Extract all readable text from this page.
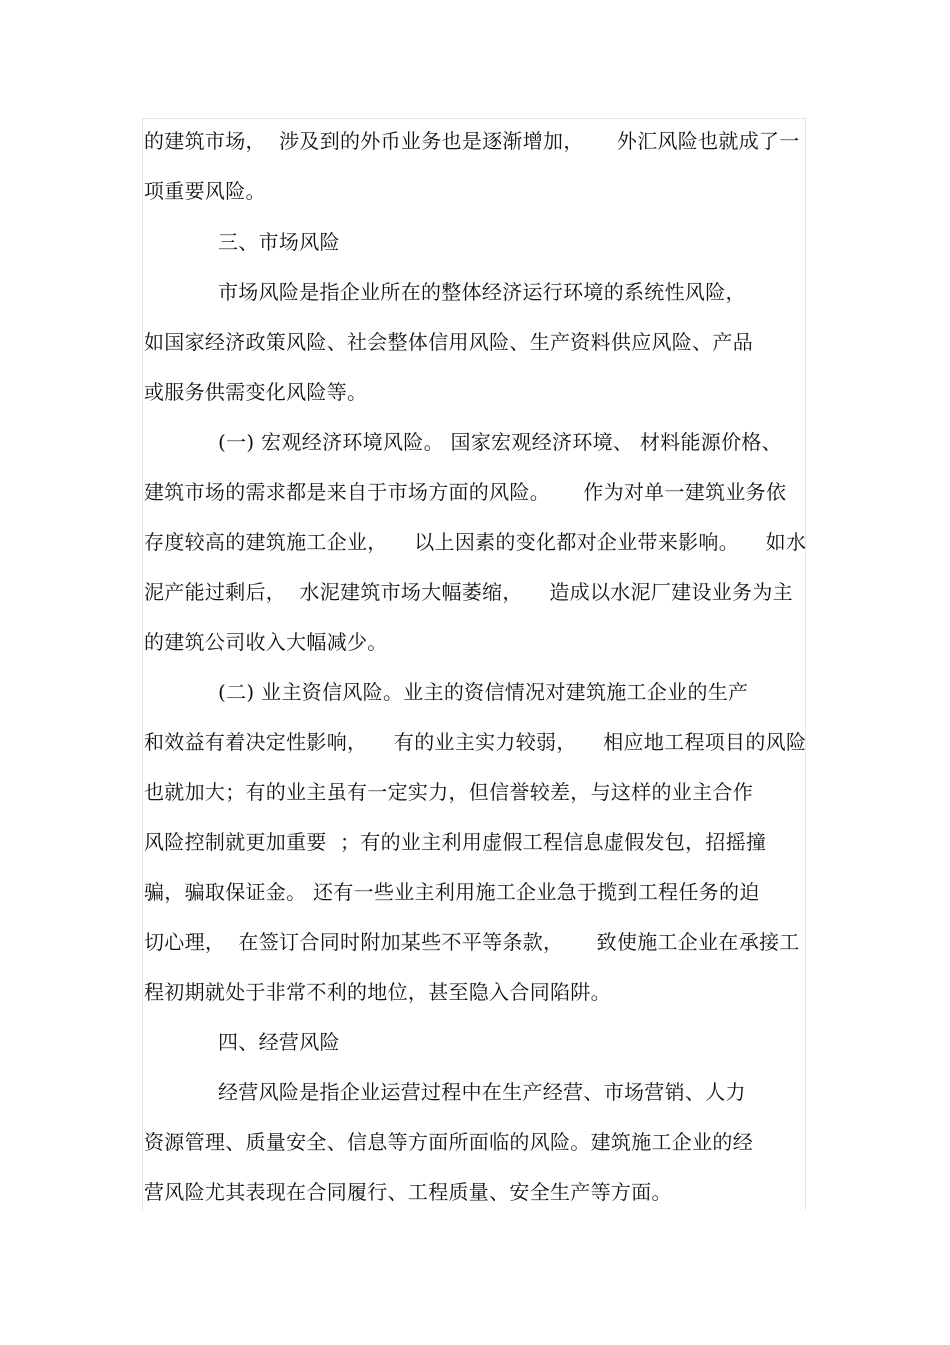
的建筑市场，  涉及到的外币业务也是逐渐增加，     外汇风险也就成了一
项重要风险。
三、市场风险
市场风险是指企业所在的整体经济运行环境的系统性风险，
如国家经济政策风险、社会整体信用风险、生产资料供应风险、产品
或服务供需变化风险等。
(一) 宏观经济环境风险。 国家宏观经济环境、 材料能源价格、
建筑市场的需求都是来自于市场方面的风险。     作为对单一建筑业务依
存度较高的建筑施工企业，    以上因素的变化都对企业带来影响。    如水
泥产能过剩后，  水泥建筑市场大幅萎缩，    造成以水泥厂建设业务为主
的建筑公司收入大幅减少。
(二) 业主资信风险。业主的资信情况对建筑施工企业的生产
和效益有着决定性影响，    有的业主实力较弱，    相应地工程项目的风险
也就加大；有的业主虽有一定实力，但信誉较差，与这样的业主合作
风险控制就更加重要  ；有的业主利用虚假工程信息虚假发包，招摇撞
骗，骗取保证金。 还有一些业主利用施工企业急于揽到工程任务的迫
切心理，  在签订合同时附加某些不平等条款，     致使施工企业在承接工
程初期就处于非常不利的地位，甚至隐入合同陷阱。
四、经营风险
经营风险是指企业运营过程中在生产经营、市场营销、人力
资源管理、质量安全、信息等方面所面临的风险。建筑施工企业的经
营风险尤其表现在合同履行、工程质量、安全生产等方面。
